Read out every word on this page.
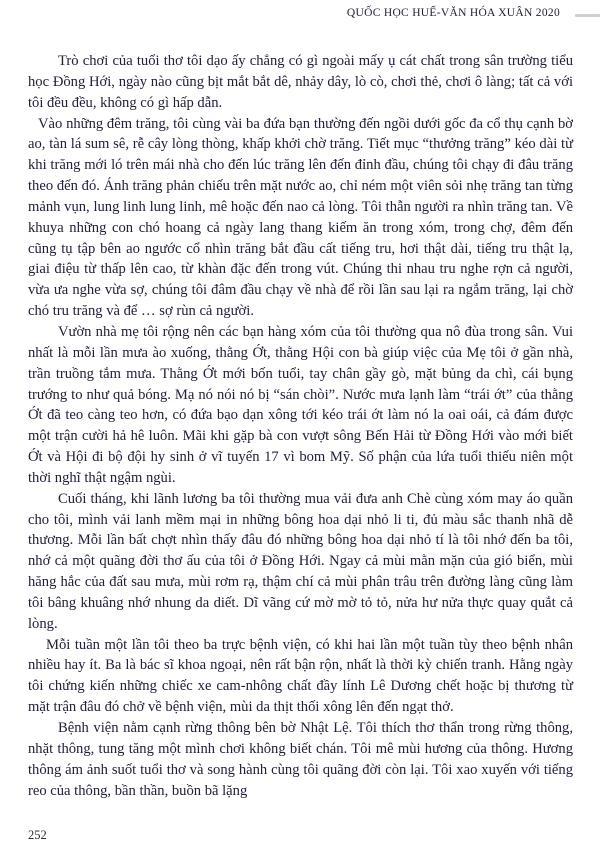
QUỐC HỌC HUẾ-VĂN HÓA XUÂN 2020

Trò chơi của tuổi thơ tôi dạo ấy chẳng có gì ngoài mấy ụ cát chất trong sân trường tiểu học Đồng Hới, ngày nào cũng bịt mắt bắt dê, nhảy dây, lò cò, chơi thẻ, chơi ô làng; tất cả với tôi đều đều, không có gì hấp dẫn.

Vào những đêm trăng, tôi cùng vài ba đứa bạn thường đến ngồi dưới gốc đa cổ thụ cạnh bờ ao, tàn lá sum sê, rễ cây lòng thòng, khấp khởi chờ trăng. Tiết mục “thưởng trăng” kéo dài từ khi trăng mới ló trên mái nhà cho đến lúc trăng lên đến đỉnh đầu, chúng tôi chạy đi đâu trăng theo đến đó. Ánh trăng phản chiếu trên mặt nước ao, chỉ ném một viên sỏi nhẹ trăng tan từng mảnh vụn, lung linh lung linh, mê hoặc đến nao cả lòng. Tôi thẫn người ra nhìn trăng tan. Về khuya những con chó hoang cả ngày lang thang kiếm ăn trong xóm, trong chợ, đêm đến cũng tụ tập bên ao ngước cổ nhìn trăng bắt đầu cất tiếng tru, hơi thật dài, tiếng tru thật lạ, giai điệu từ thấp lên cao, từ khàn đặc đến trong vút. Chúng thi nhau tru nghe rợn cả người, vừa ưa nghe vừa sợ, chúng tôi đâm đầu chạy về nhà để rồi lần sau lại ra ngắm trăng, lại chờ chó tru trăng và để … sợ rùn cả người.

Vườn nhà mẹ tôi rộng nên các bạn hàng xóm của tôi thường qua nô đùa trong sân. Vui nhất là mỗi lần mưa ào xuống, thằng Ớt, thằng Hội con bà giúp việc của Mẹ tôi ở gần nhà, trần truồng tắm mưa. Thằng Ớt mới bốn tuổi, tay chân gầy gò, mặt bủng da chì, cái bụng trướng to như quả bóng. Mạ nó nói nó bị “sán chòi”. Nước mưa lạnh làm “trái ớt” của thằng Ớt đã teo càng teo hơn, có đứa bạo dạn xông tới kéo trái ớt làm nó la oai oái, cả đám được một trận cười hả hê luôn. Mãi khi gặp bà con vượt sông Bến Hải từ Đồng Hới vào mới biết Ớt và Hội đi bộ đội hy sinh ở vĩ tuyến 17 vì bom Mỹ. Số phận của lứa tuổi thiếu niên một thời nghĩ thật ngậm ngùi.

Cuối tháng, khi lãnh lương ba tôi thường mua vải đưa anh Chè cùng xóm may áo quần cho tôi, mình vải lanh mềm mại in những bông hoa dại nhỏ li ti, đủ màu sắc thanh nhã dễ thương. Mỗi lần bất chợt nhìn thấy đâu đó những bông hoa dại nhỏ tí là tôi nhớ đến ba tôi, nhớ cả một quãng đời thơ ấu của tôi ở Đồng Hới. Ngay cả mùi mằn mặn của gió biển, mùi hăng hắc của đất sau mưa, mùi rơm rạ, thậm chí cả mùi phân trâu trên đường làng cũng làm tôi bâng khuâng nhớ nhung da diết. Dĩ vãng cứ mờ mờ tỏ tỏ, nửa hư nửa thực quay quắt cả lòng.

Mỗi tuần một lần tôi theo ba trực bệnh viện, có khi hai lần một tuần tùy theo bệnh nhân nhiều hay ít. Ba là bác sĩ khoa ngoại, nên rất bận rộn, nhất là thời kỳ chiến tranh. Hằng ngày tôi chứng kiến những chiếc xe cam-nhông chất đầy lính Lê Dương chết hoặc bị thương từ mặt trận đâu đó chở về bệnh viện, mùi da thịt thối xông lên đến ngạt thở.

Bệnh viện nằm cạnh rừng thông bên bờ Nhật Lệ. Tôi thích thơ thẩn trong rừng thông, nhặt thông, tung tăng một mình chơi không biết chán. Tôi mê mùi hương của thông. Hương thông ám ảnh suốt tuổi thơ và song hành cùng tôi quãng đời còn lại. Tôi xao xuyến với tiếng reo của thông, bần thần, buồn bã lặng

252
